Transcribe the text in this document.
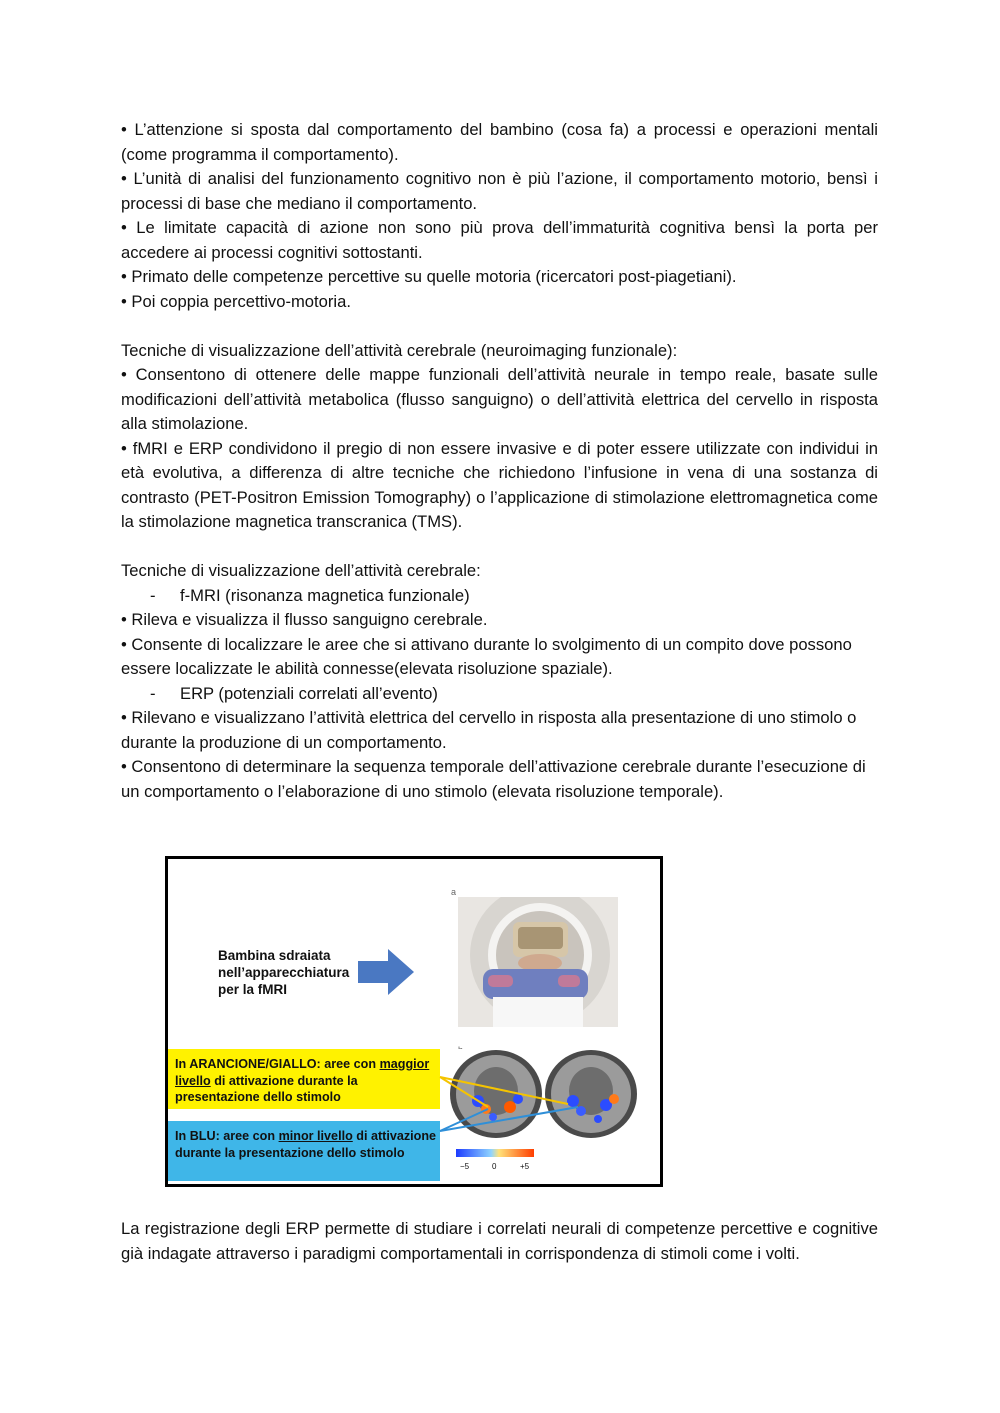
• L’attenzione si sposta dal comportamento del bambino (cosa fa) a processi e operazioni mentali (come programma il comportamento).

• L’unità di analisi del funzionamento cognitivo non è più l’azione, il comportamento motorio, bensì i processi di base che mediano il comportamento.

• Le limitate capacità di azione non sono più prova dell’immaturità cognitiva bensì la porta per accedere ai processi cognitivi sottostanti.

• Primato delle competenze percettive su quelle motoria (ricercatori post-piagetiani).

• Poi coppia percettivo-motoria.

Tecniche di visualizzazione dell’attività cerebrale (neuroimaging funzionale):

• Consentono di ottenere delle mappe funzionali dell’attività neurale in tempo reale, basate sulle modificazioni dell’attività metabolica (flusso sanguigno) o dell’attività elettrica del cervello in risposta alla stimolazione.

• fMRI e ERP condividono il pregio di non essere invasive e di poter essere utilizzate con individui in età evolutiva, a differenza di altre tecniche che richiedono l’infusione in vena di una sostanza di contrasto (PET-Positron Emission Tomography) o l’applicazione di stimolazione elettromagnetica come la stimolazione magnetica transcranica (TMS).

Tecniche di visualizzazione dell’attività cerebrale:

- f-MRI (risonanza magnetica funzionale)

• Rileva e visualizza il flusso sanguigno cerebrale.

• Consente di localizzare le aree che si attivano durante lo svolgimento di un compito dove possono essere localizzate le abilità connesse(elevata risoluzione spaziale).

- ERP (potenziali correlati all’evento)

• Rilevano e visualizzano l’attività elettrica del cervello in risposta alla presentazione di uno stimolo o durante la produzione di un comportamento.

• Consentono di determinare la sequenza temporale dell’attivazione cerebrale durante l’esecuzione di un comportamento o l’elaborazione di uno stimolo (elevata risoluzione temporale).

a
Bambina sdraiata
nell’apparecchiatura
per la fMRI
In ARANCIONE/GIALLO: aree con maggior livello di attivazione durante la presentazione dello stimolo
In BLU: aree con minor livello di attivazione durante la presentazione dello stimolo
−5	0	+5

La registrazione degli ERP permette di studiare i correlati neurali di competenze percettive e cognitive già indagate attraverso i paradigmi comportamentali in corrispondenza di stimoli come i volti.
